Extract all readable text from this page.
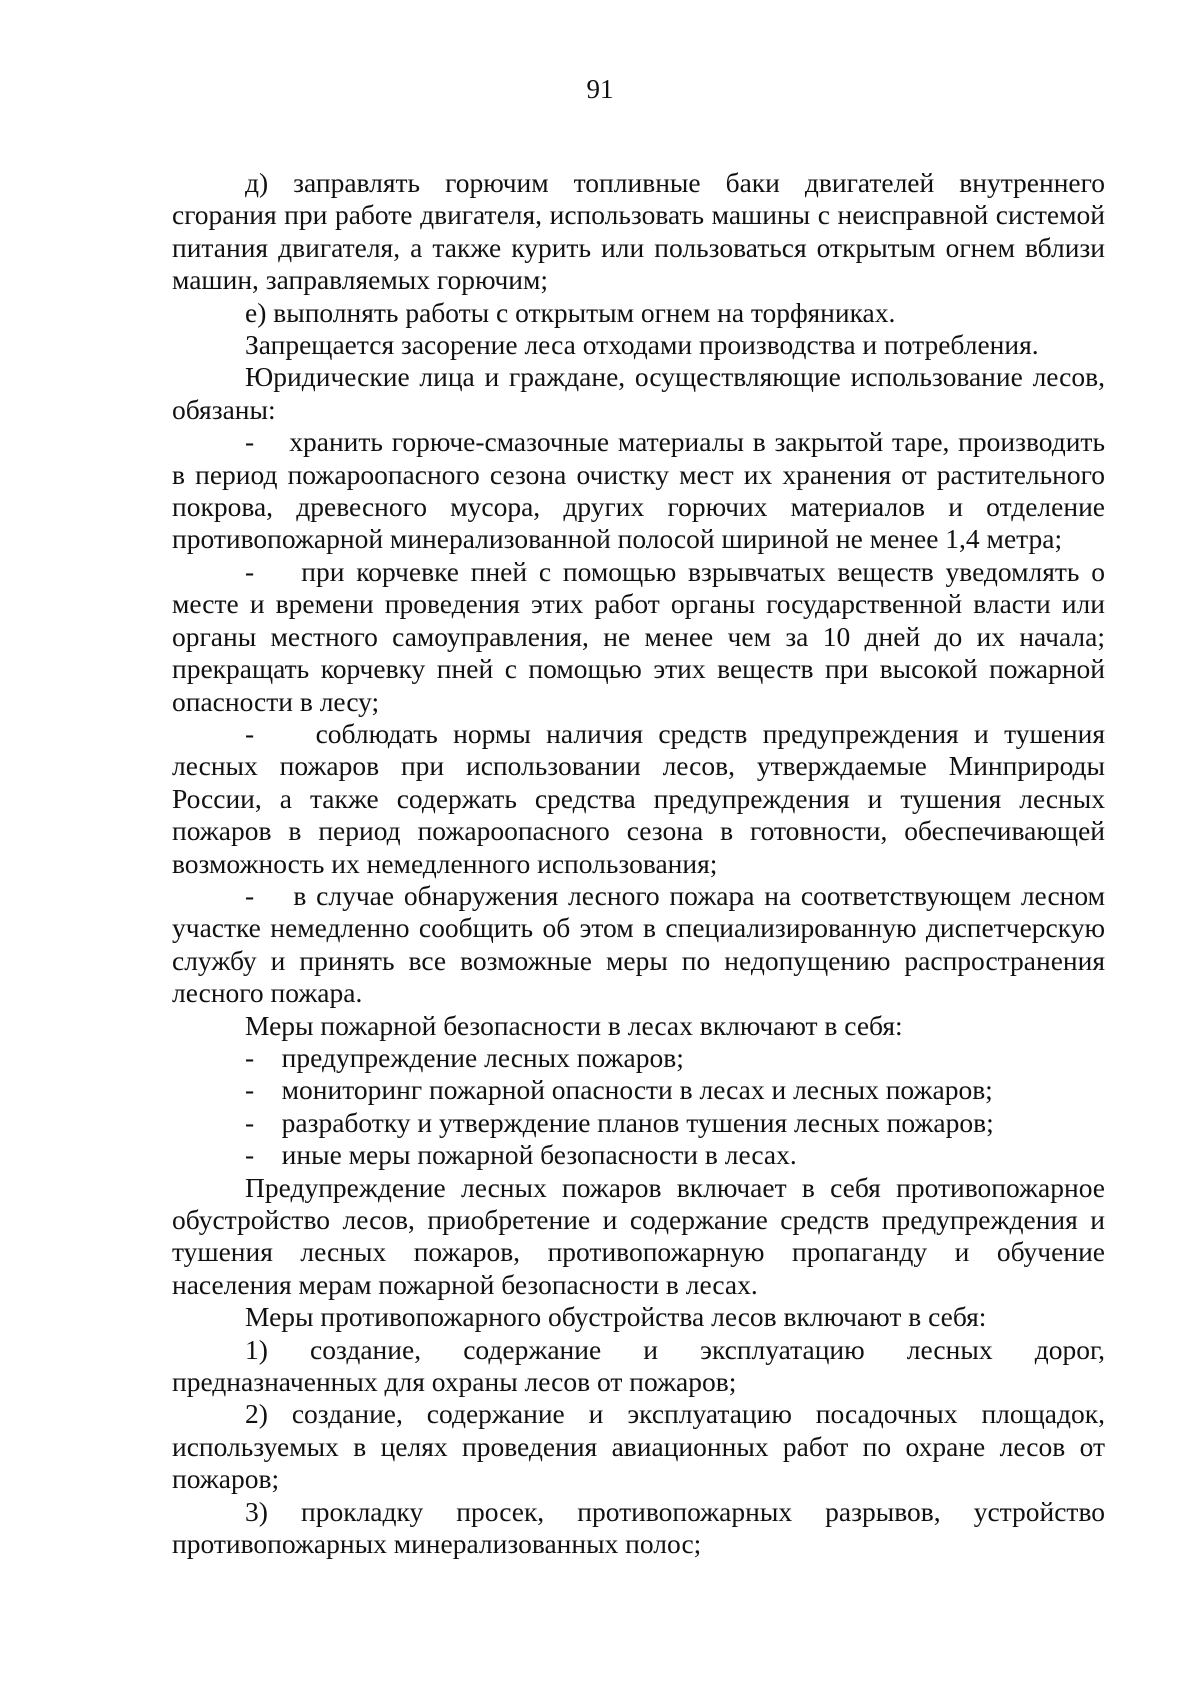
91

д) заправлять горючим топливные баки двигателей внутреннего сгорания при работе двигателя, использовать машины с неисправной системой питания двигателя, а также курить или пользоваться открытым огнем вблизи машин, заправляемых горючим;

е) выполнять работы с открытым огнем на торфяниках.

Запрещается засорение леса отходами производства и потребления.

Юридические лица и граждане, осуществляющие использование лесов, обязаны:

-    хранить горюче-смазочные материалы в закрытой таре, производить в период пожароопасного сезона очистку мест их хранения от растительного покрова, древесного мусора, других горючих материалов и отделение противопожарной минерализованной полосой шириной не менее 1,4 метра;

-    при корчевке пней с помощью взрывчатых веществ уведомлять о месте и времени проведения этих работ органы государственной власти или органы местного самоуправления, не менее чем за 10 дней до их начала; прекращать корчевку пней с помощью этих веществ при высокой пожарной опасности в лесу;

-    соблюдать нормы наличия средств предупреждения и тушения лесных пожаров при использовании лесов, утверждаемые Минприроды России, а также содержать средства предупреждения и тушения лесных пожаров в период пожароопасного сезона в готовности, обеспечивающей возможность их немедленного использования;

-    в случае обнаружения лесного пожара на соответствующем лесном участке немедленно сообщить об этом в специализированную диспетчерскую службу и принять все возможные меры по недопущению распространения лесного пожара.

Меры пожарной безопасности в лесах включают в себя:

-    предупреждение лесных пожаров;

-    мониторинг пожарной опасности в лесах и лесных пожаров;

-    разработку и утверждение планов тушения лесных пожаров;

-    иные меры пожарной безопасности в лесах.

Предупреждение лесных пожаров включает в себя противопожарное обустройство лесов, приобретение и содержание средств предупреждения и тушения лесных пожаров, противопожарную пропаганду и обучение населения мерам пожарной безопасности в лесах.

Меры противопожарного обустройства лесов включают в себя:

1) создание, содержание и эксплуатацию лесных дорог, предназначенных для охраны лесов от пожаров;

2) создание, содержание и эксплуатацию посадочных площадок, используемых в целях проведения авиационных работ по охране лесов от пожаров;

3) прокладку просек, противопожарных разрывов, устройство противопожарных минерализованных полос;
